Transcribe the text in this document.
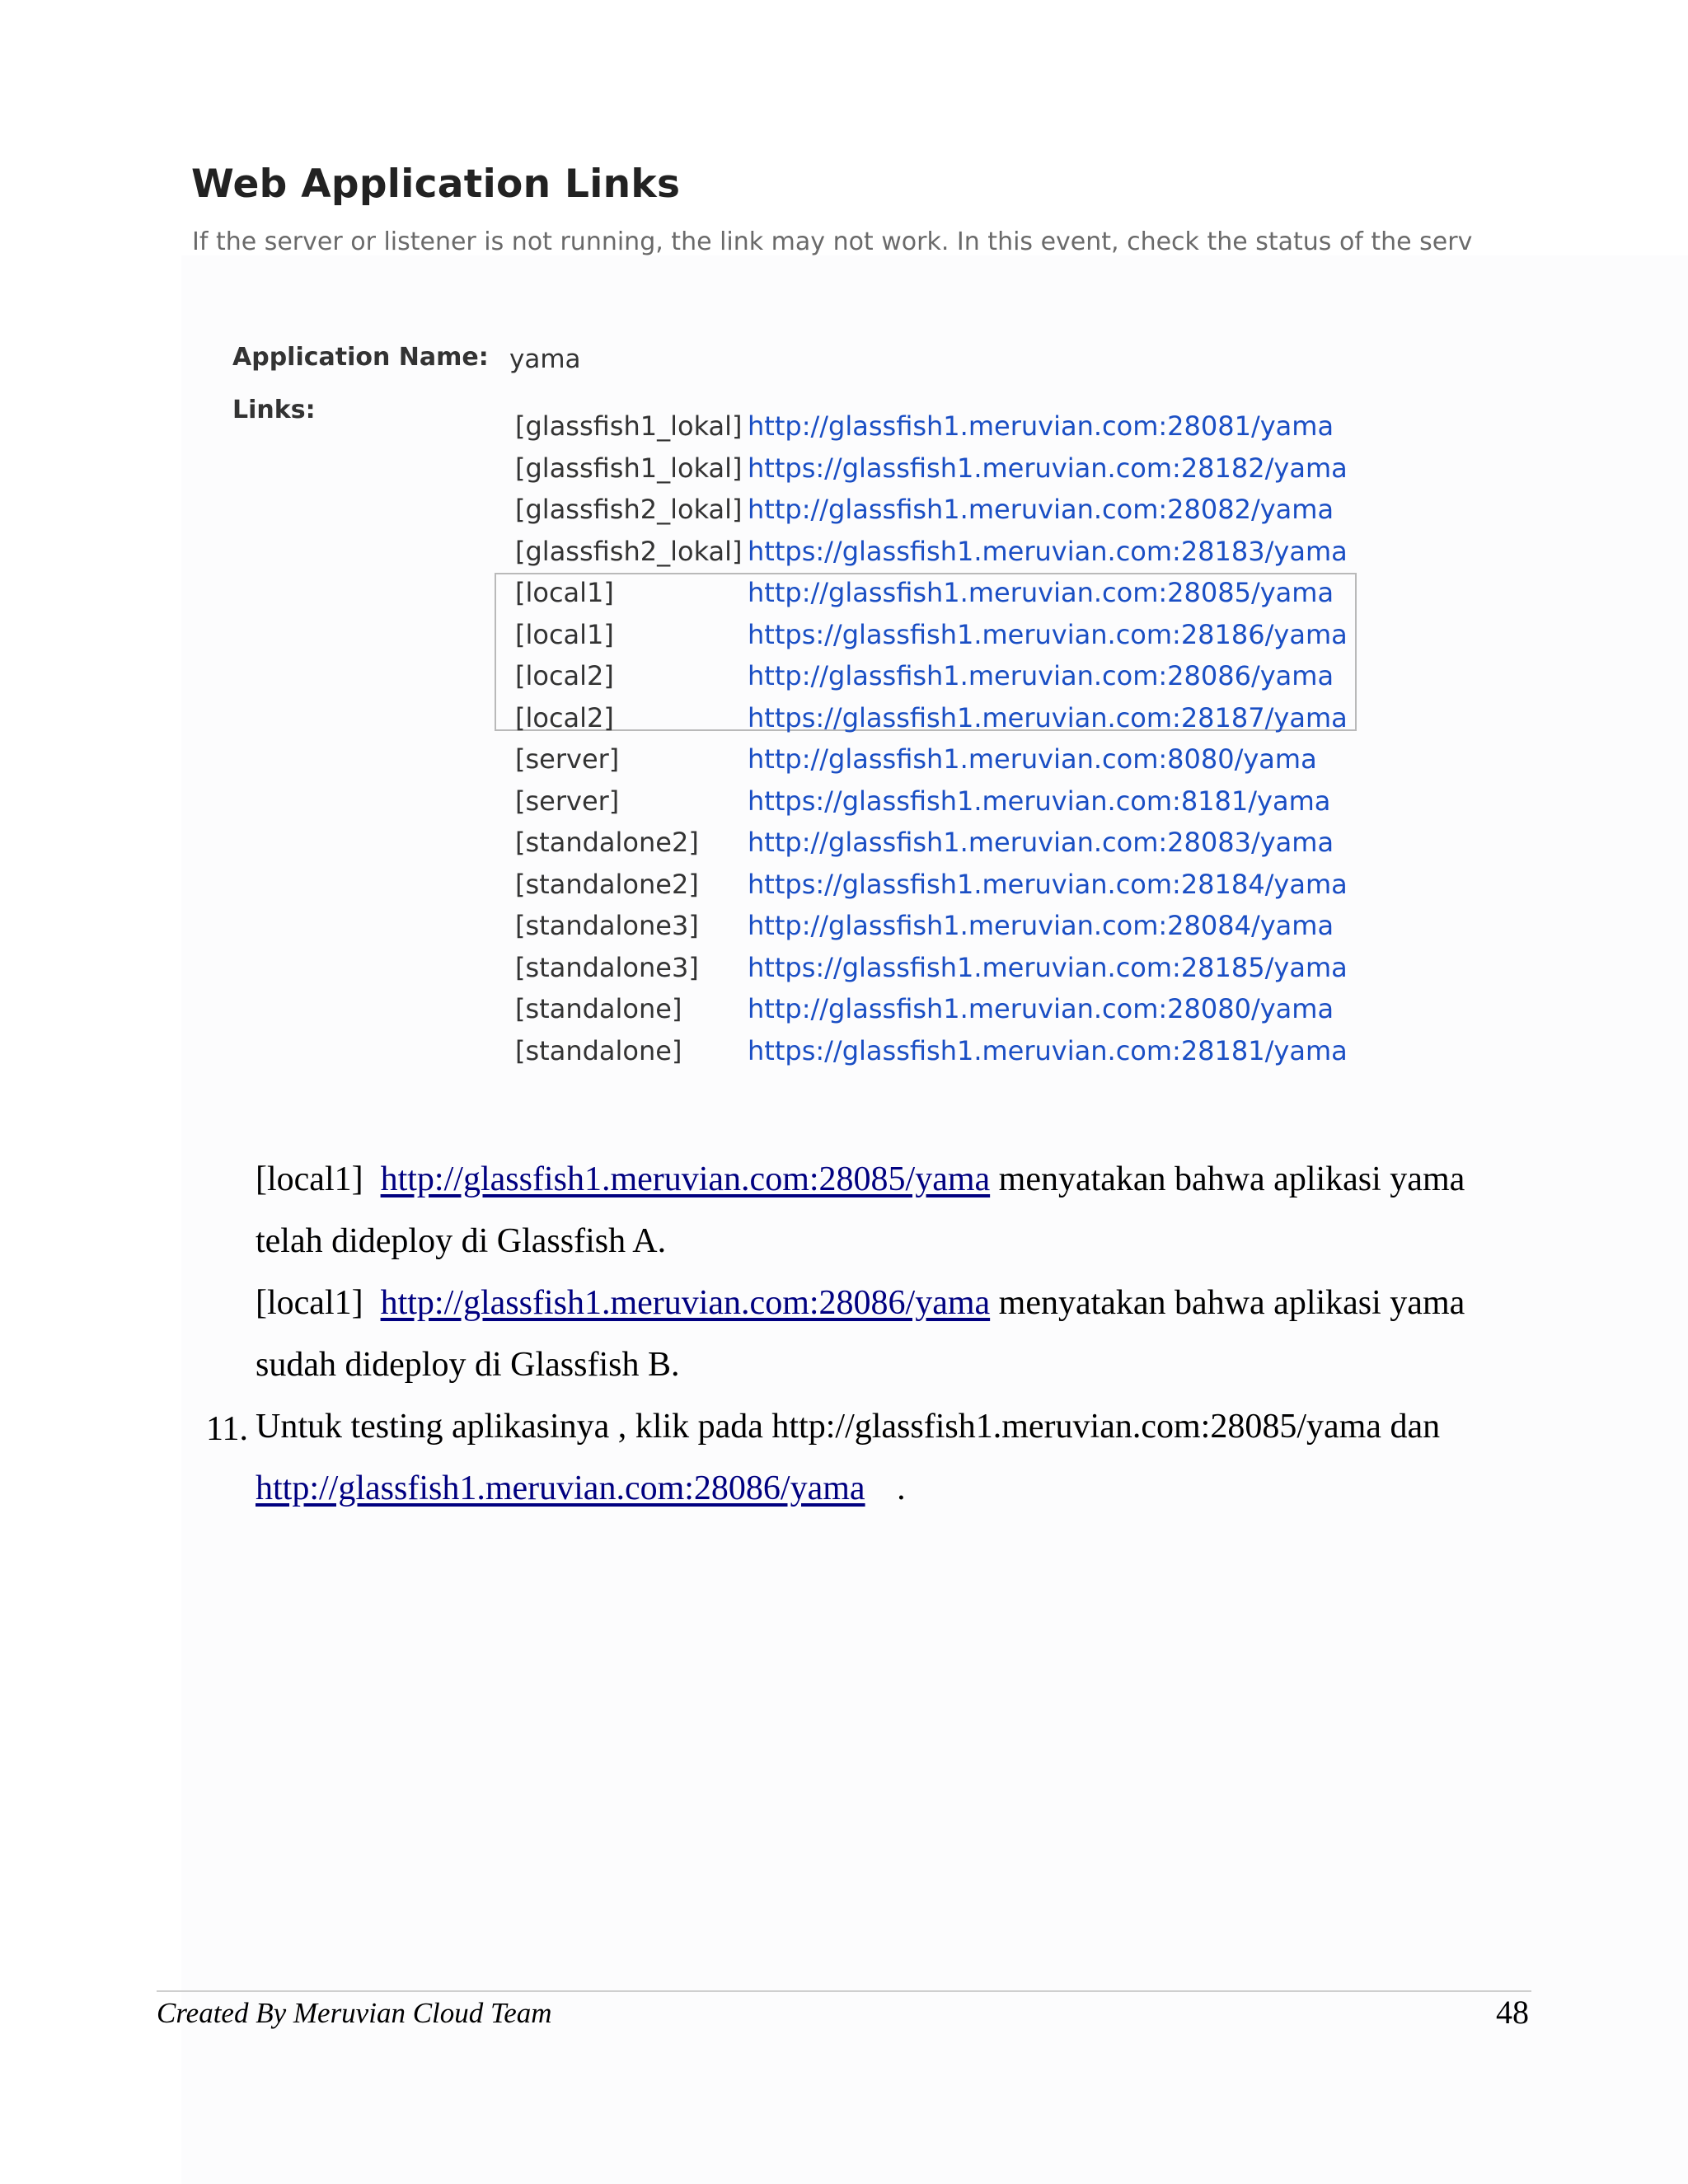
Web Application Links
If the server or listener is not running, the link may not work. In this event, check the status of the serv
Application Name: yama
Links:
[glassfish1_lokal] http://glassfish1.meruvian.com:28081/yama
[glassfish1_lokal] https://glassfish1.meruvian.com:28182/yama
[glassfish2_lokal] http://glassfish1.meruvian.com:28082/yama
[glassfish2_lokal] https://glassfish1.meruvian.com:28183/yama
[local1]	http://glassfish1.meruvian.com:28085/yama
[local1]	https://glassfish1.meruvian.com:28186/yama
[local2]	http://glassfish1.meruvian.com:28086/yama
[local2]	https://glassfish1.meruvian.com:28187/yama
[server]	http://glassfish1.meruvian.com:8080/yama
[server]	https://glassfish1.meruvian.com:8181/yama
[standalone2]	http://glassfish1.meruvian.com:28083/yama
[standalone2]	https://glassfish1.meruvian.com:28184/yama
[standalone3]	http://glassfish1.meruvian.com:28084/yama
[standalone3]	https://glassfish1.meruvian.com:28185/yama
[standalone]	http://glassfish1.meruvian.com:28080/yama
[standalone]	https://glassfish1.meruvian.com:28181/yama
[local1] http://glassfish1.meruvian.com:28085/yama menyatakan bahwa aplikasi yama
telah dideploy di Glassfish A.
[local1] http://glassfish1.meruvian.com:28086/yama menyatakan bahwa aplikasi yama
sudah dideploy di Glassfish B.
11. Untuk testing aplikasinya , klik pada http://glassfish1.meruvian.com:28085/yama dan
http://glassfish1.meruvian.com:28086/yama .
Created By Meruvian Cloud Team	48
